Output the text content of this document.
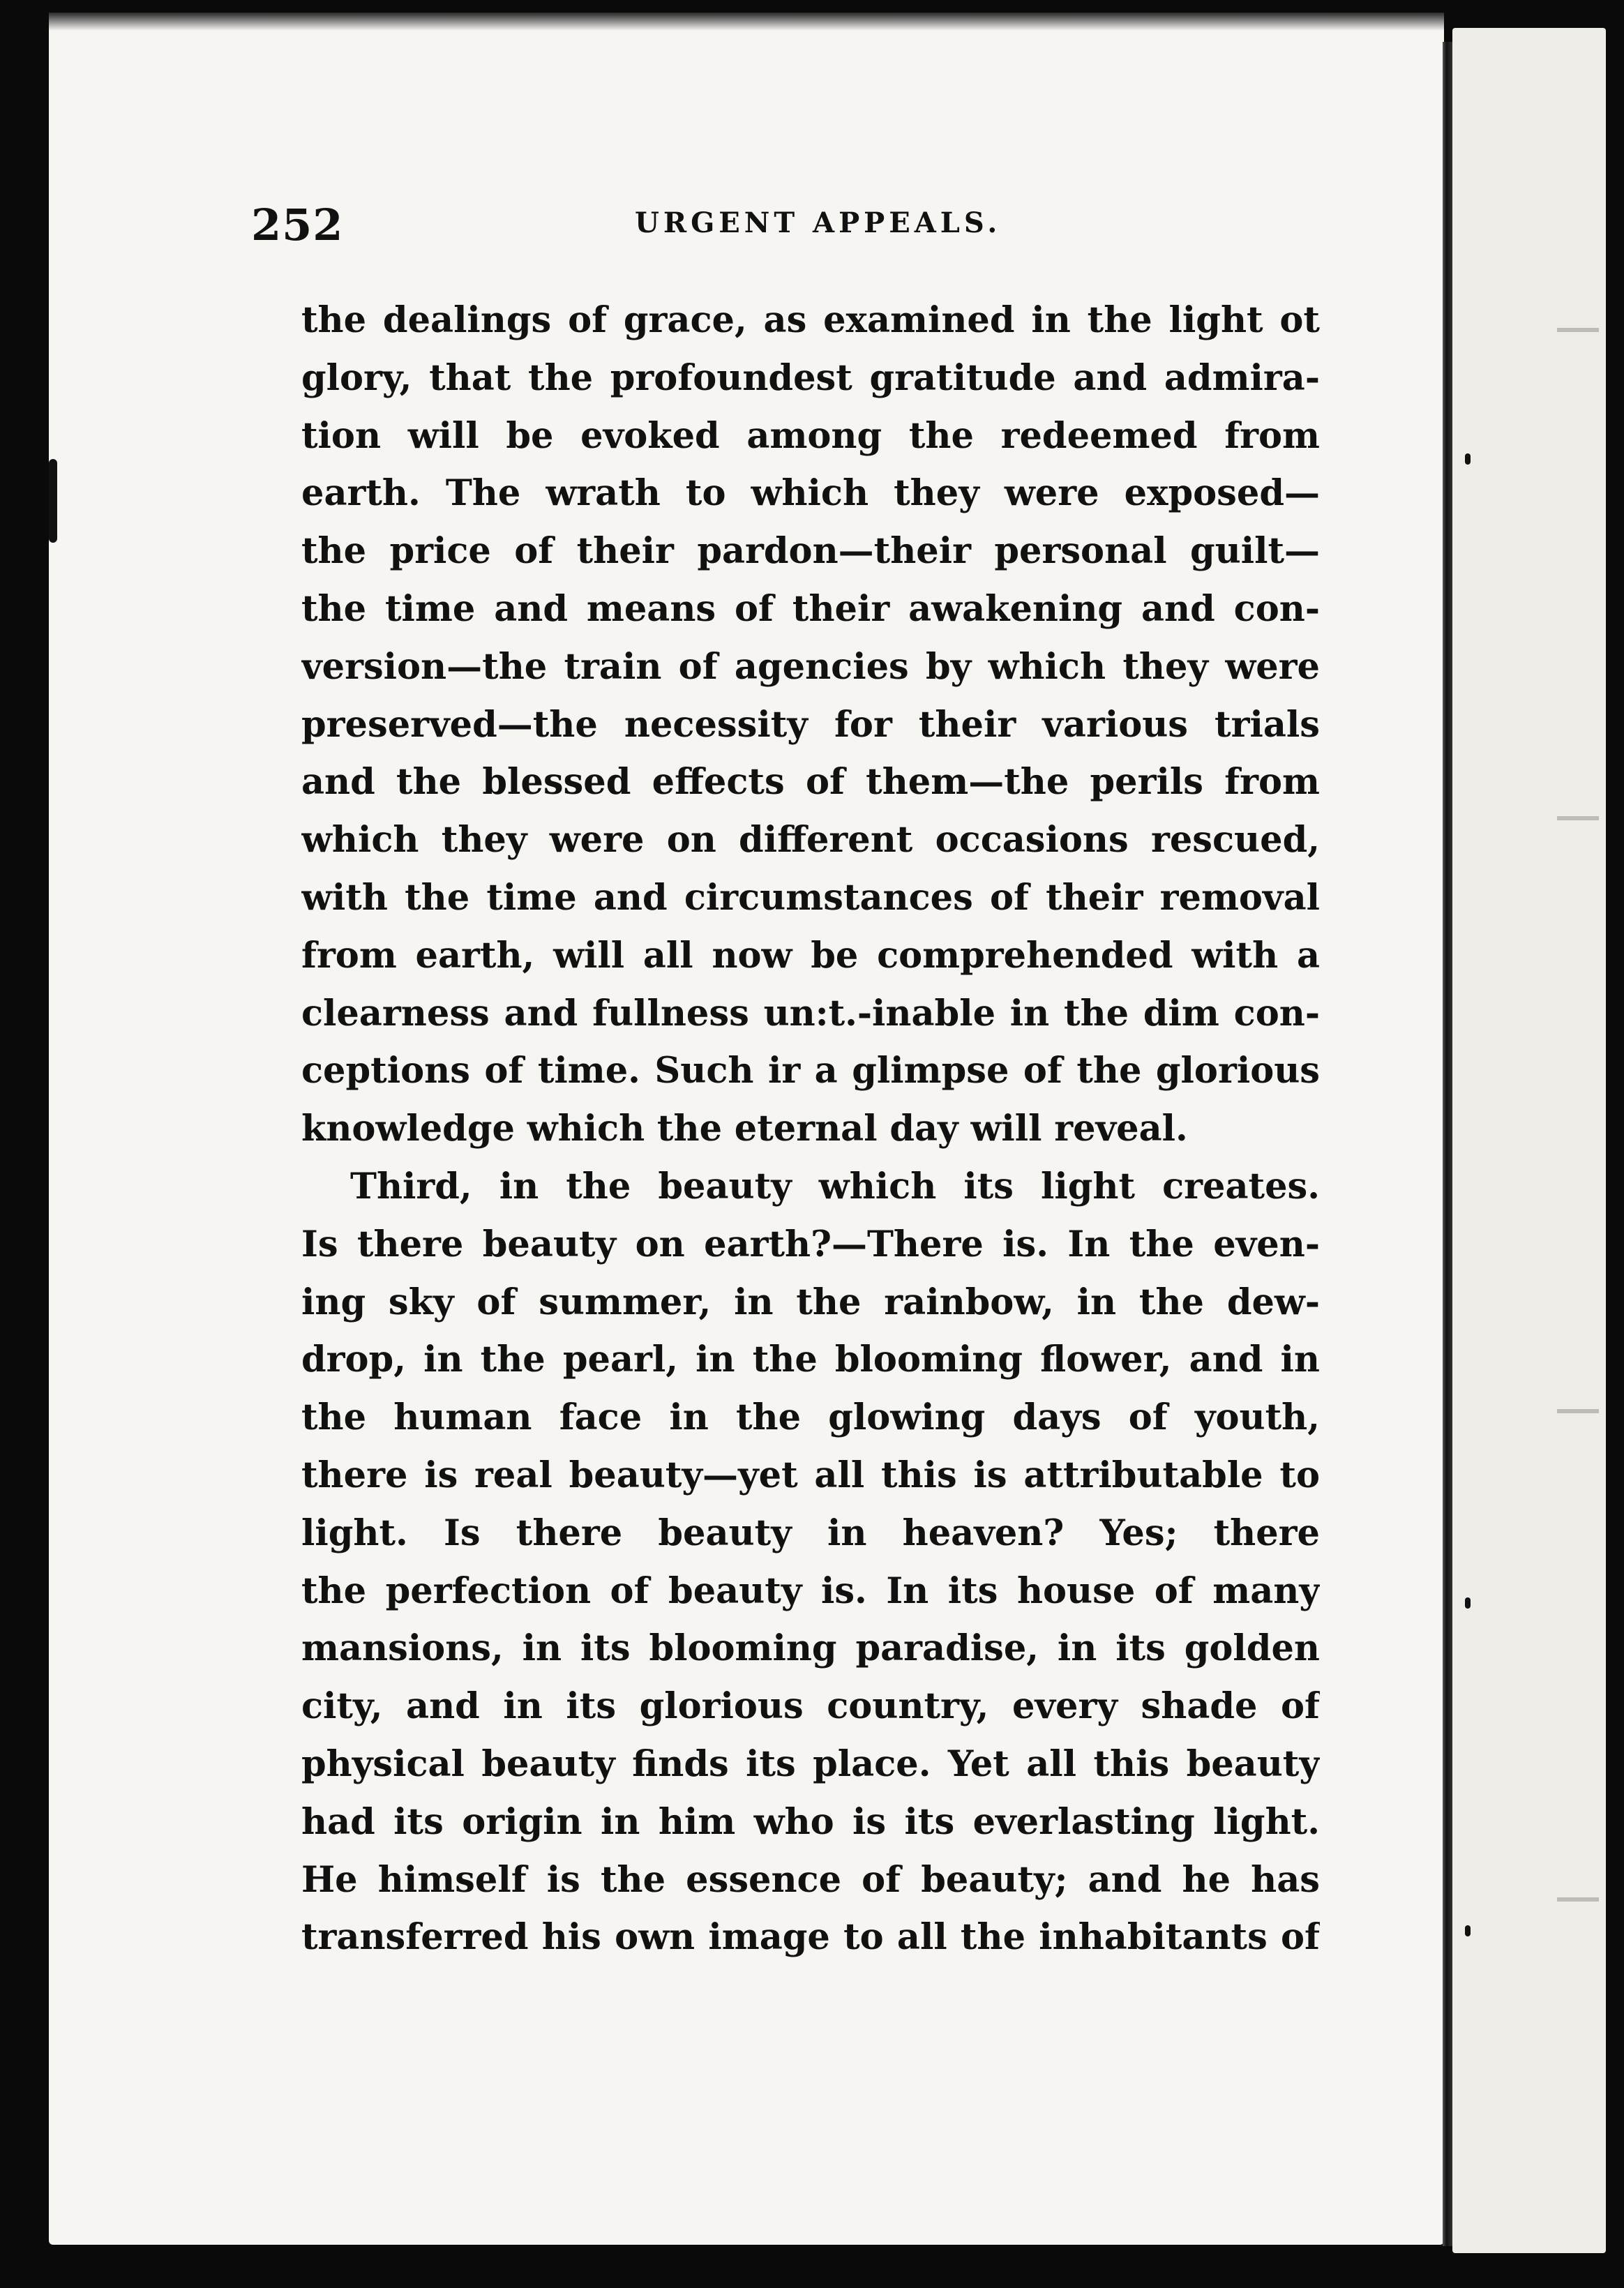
252	URGENT APPEALS.
the dealings of grace, as examined in the light ot
glory, that the profoundest gratitude and admira-
tion will be evoked among the redeemed from
earth. The wrath to which they were exposed—
the price of their pardon—their personal guilt—
the time and means of their awakening and con-
version—the train of agencies by which they were
preserved—the necessity for their various trials
and the blessed effects of them—the perils from
which they were on different occasions rescued,
with the time and circumstances of their removal
from earth, will all now be comprehended with a
clearness and fullness un:t.-inable in the dim con-
ceptions of time. Such ir a glimpse of the glorious
knowledge which the eternal day will reveal.
Third, in the beauty which its light creates.
Is there beauty on earth?—There is. In the even-
ing sky of summer, in the rainbow, in the dew-
drop, in the pearl, in the blooming flower, and in
the human face in the glowing days of youth,
there is real beauty—yet all this is attributable to
light. Is there beauty in heaven? Yes; there
the perfection of beauty is. In its house of many
mansions, in its blooming paradise, in its golden
city, and in its glorious country, every shade of
physical beauty finds its place. Yet all this beauty
had its origin in him who is its everlasting light.
He himself is the essence of beauty; and he has
transferred his own image to all the inhabitants of
